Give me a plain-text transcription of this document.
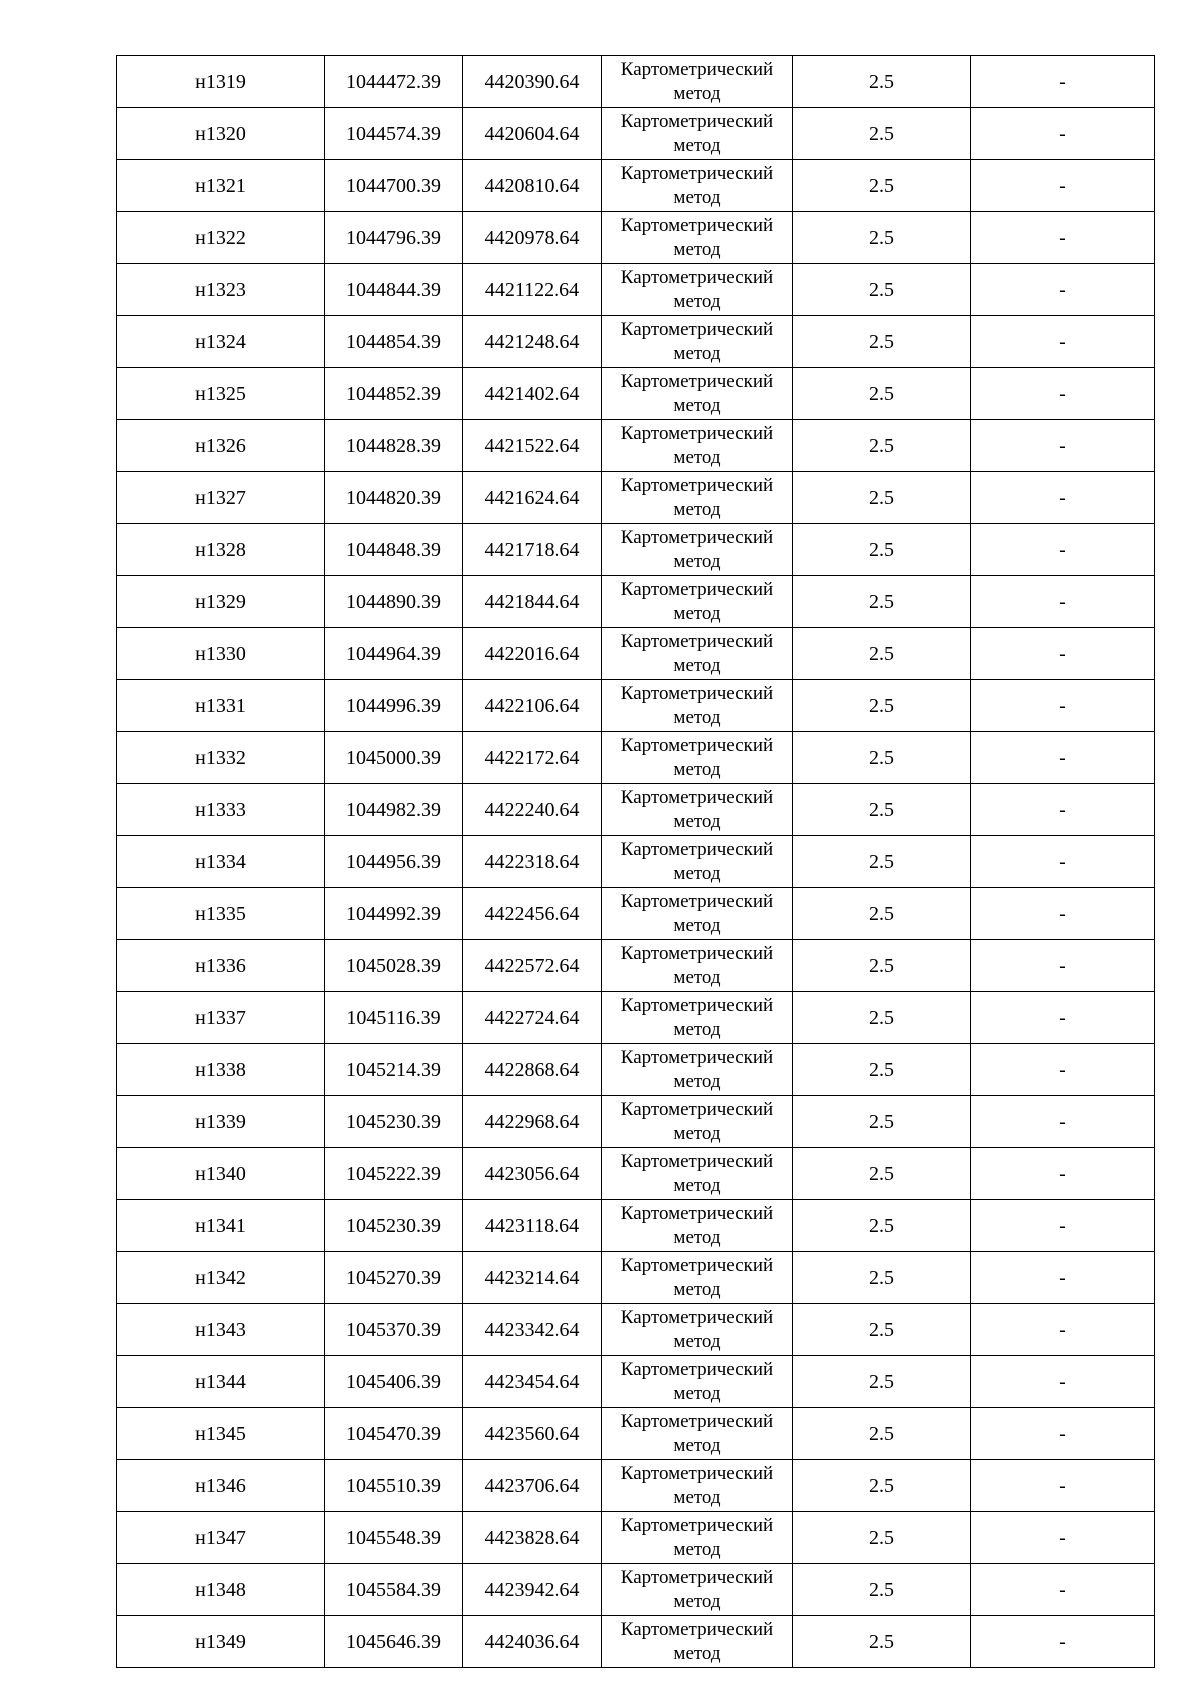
н1319	1044472.39	4420390.64	Картометрический метод	2.5	-
н1320	1044574.39	4420604.64	Картометрический метод	2.5	-
н1321	1044700.39	4420810.64	Картометрический метод	2.5	-
н1322	1044796.39	4420978.64	Картометрический метод	2.5	-
н1323	1044844.39	4421122.64	Картометрический метод	2.5	-
н1324	1044854.39	4421248.64	Картометрический метод	2.5	-
н1325	1044852.39	4421402.64	Картометрический метод	2.5	-
н1326	1044828.39	4421522.64	Картометрический метод	2.5	-
н1327	1044820.39	4421624.64	Картометрический метод	2.5	-
н1328	1044848.39	4421718.64	Картометрический метод	2.5	-
н1329	1044890.39	4421844.64	Картометрический метод	2.5	-
н1330	1044964.39	4422016.64	Картометрический метод	2.5	-
н1331	1044996.39	4422106.64	Картометрический метод	2.5	-
н1332	1045000.39	4422172.64	Картометрический метод	2.5	-
н1333	1044982.39	4422240.64	Картометрический метод	2.5	-
н1334	1044956.39	4422318.64	Картометрический метод	2.5	-
н1335	1044992.39	4422456.64	Картометрический метод	2.5	-
н1336	1045028.39	4422572.64	Картометрический метод	2.5	-
н1337	1045116.39	4422724.64	Картометрический метод	2.5	-
н1338	1045214.39	4422868.64	Картометрический метод	2.5	-
н1339	1045230.39	4422968.64	Картометрический метод	2.5	-
н1340	1045222.39	4423056.64	Картометрический метод	2.5	-
н1341	1045230.39	4423118.64	Картометрический метод	2.5	-
н1342	1045270.39	4423214.64	Картометрический метод	2.5	-
н1343	1045370.39	4423342.64	Картометрический метод	2.5	-
н1344	1045406.39	4423454.64	Картометрический метод	2.5	-
н1345	1045470.39	4423560.64	Картометрический метод	2.5	-
н1346	1045510.39	4423706.64	Картометрический метод	2.5	-
н1347	1045548.39	4423828.64	Картометрический метод	2.5	-
н1348	1045584.39	4423942.64	Картометрический метод	2.5	-
н1349	1045646.39	4424036.64	Картометрический метод	2.5	-
